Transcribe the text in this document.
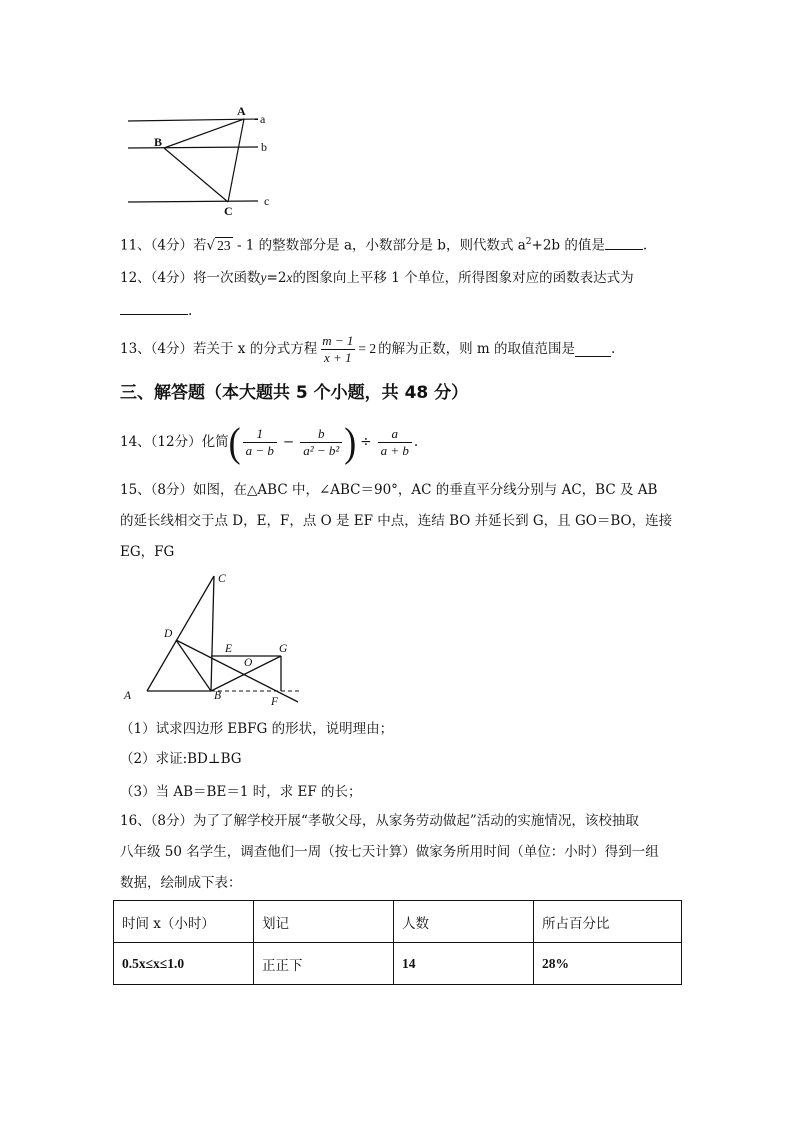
A
a
B	b
C
c
11、（4分）若√ 23 - 1 的整数部分是 a，小数部分是 b，则代数式 $a^2+2b$ 的值是	.
12、（4分）将一次函数y=2x的图象向上平移 1 个单位，所得图象对应的函数表达式为
.
13、（4分）若关于 x 的分式方程 $\frac{m - 1}{x + 1} = 2$ 的解为正数，则 m 的取值范围是	.
三、解答题（本大题共 5 个小题，共 48 分）
14、（12分）化简 ( $\frac{1}{a - b} - \frac{b}{\text{a² − b²}}$ ) ÷ $\frac{a}{a + b}$ .
15、（8分）如图，在△ABC 中，∠ABC＝90°，AC 的垂直平分线分别与 AC，BC 及 AB
的延长线相交于点 D，E，F，点 O 是 EF 中点，连结 BO 并延长到 G，且 GO＝BO，连接
EG，FG
C
D
E	G
O
A	B	F
（1）试求四边形 EBFG 的形状，说明理由；
（2）求证:BD⊥BG
（3）当 AB＝BE＝1 时，求 EF 的长；
16、（8分）为了了解学校开展“孝敬父母，从家务劳动做起”活动的实施情况，该校抽取
八年级 50 名学生，调查他们一周（按七天计算）做家务所用时间（单位：小时）得到一组
数据，绘制成下表：
时间 x（小时）	划记	人数	所占百分比
0.5x≤x≤1.0	正正下	14	28%
